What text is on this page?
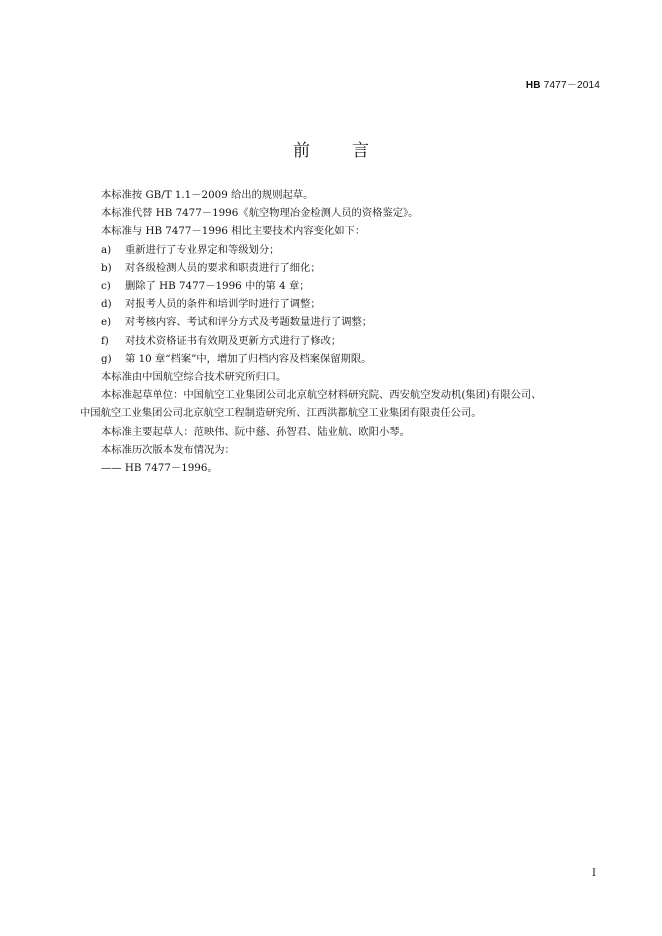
HB 7477－2014
前言

本标准按 GB/T 1.1－2009 给出的规则起草。

本标准代替 HB 7477－1996《航空物理冶金检测人员的资格鉴定》。

本标准与 HB 7477－1996 相比主要技术内容变化如下：

a) 重新进行了专业界定和等级划分；

b) 对各级检测人员的要求和职责进行了细化；

c) 删除了 HB 7477－1996 中的第 4 章；

d) 对报考人员的条件和培训学时进行了调整；

e) 对考核内容、考试和评分方式及考题数量进行了调整；

f) 对技术资格证书有效期及更新方式进行了修改；

g) 第 10 章“档案”中，增加了归档内容及档案保留期限。

本标准由中国航空综合技术研究所归口。

本标准起草单位：中国航空工业集团公司北京航空材料研究院、西安航空发动机(集团)有限公司、

中国航空工业集团公司北京航空工程制造研究所、江西洪都航空工业集团有限责任公司。

本标准主要起草人：范映伟、阮中慈、孙智君、陆业航、欧阳小琴。

本标准历次版本发布情况为：

—— HB 7477－1996。

I
